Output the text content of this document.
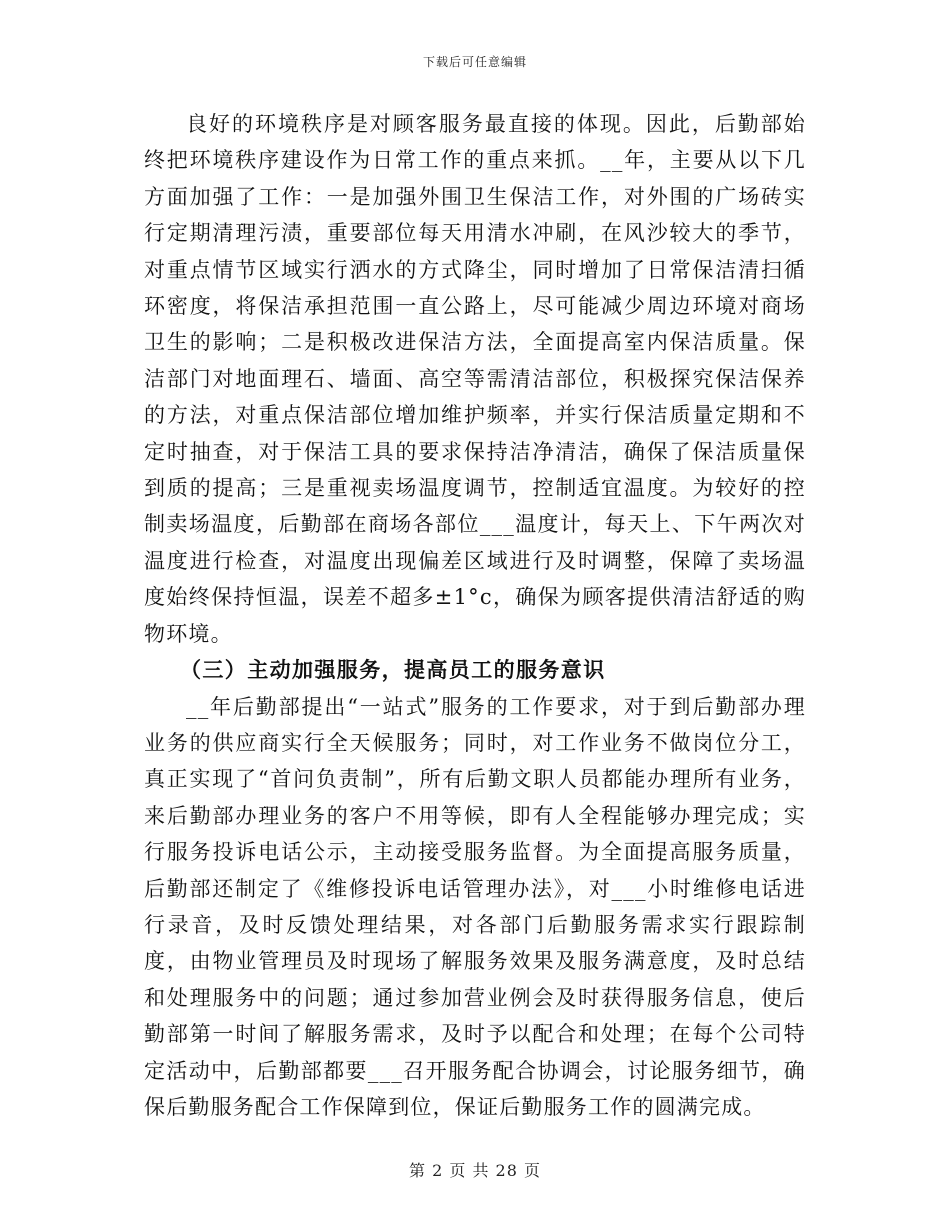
下载后可任意编辑

良好的环境秩序是对顾客服务最直接的体现。因此，后勤部始终把环境秩序建设作为日常工作的重点来抓。__年，主要从以下几方面加强了工作：一是加强外围卫生保洁工作，对外围的广场砖实行定期清理污渍，重要部位每天用清水冲刷，在风沙较大的季节，对重点情节区域实行洒水的方式降尘，同时增加了日常保洁清扫循环密度，将保洁承担范围一直公路上，尽可能减少周边环境对商场卫生的影响；二是积极改进保洁方法，全面提高室内保洁质量。保洁部门对地面理石、墙面、高空等需清洁部位，积极探究保洁保养的方法，对重点保洁部位增加维护频率，并实行保洁质量定期和不定时抽查，对于保洁工具的要求保持洁净清洁，确保了保洁质量保到质的提高；三是重视卖场温度调节，控制适宜温度。为较好的控制卖场温度，后勤部在商场各部位___温度计，每天上、下午两次对温度进行检查，对温度出现偏差区域进行及时调整，保障了卖场温度始终保持恒温，误差不超多±1°c，确保为顾客提供清洁舒适的购物环境。

（三）主动加强服务，提高员工的服务意识

__年后勤部提出“一站式”服务的工作要求，对于到后勤部办理业务的供应商实行全天候服务；同时，对工作业务不做岗位分工，真正实现了“首问负责制”，所有后勤文职人员都能办理所有业务，来后勤部办理业务的客户不用等候，即有人全程能够办理完成；实行服务投诉电话公示，主动接受服务监督。为全面提高服务质量，后勤部还制定了《维修投诉电话管理办法》，对___小时维修电话进行录音，及时反馈处理结果，对各部门后勤服务需求实行跟踪制度，由物业管理员及时现场了解服务效果及服务满意度，及时总结和处理服务中的问题；通过参加营业例会及时获得服务信息，使后勤部第一时间了解服务需求，及时予以配合和处理；在每个公司特定活动中，后勤部都要___召开服务配合协调会，讨论服务细节，确保后勤服务配合工作保障到位，保证后勤服务工作的圆满完成。

第 2 页 共 28 页
